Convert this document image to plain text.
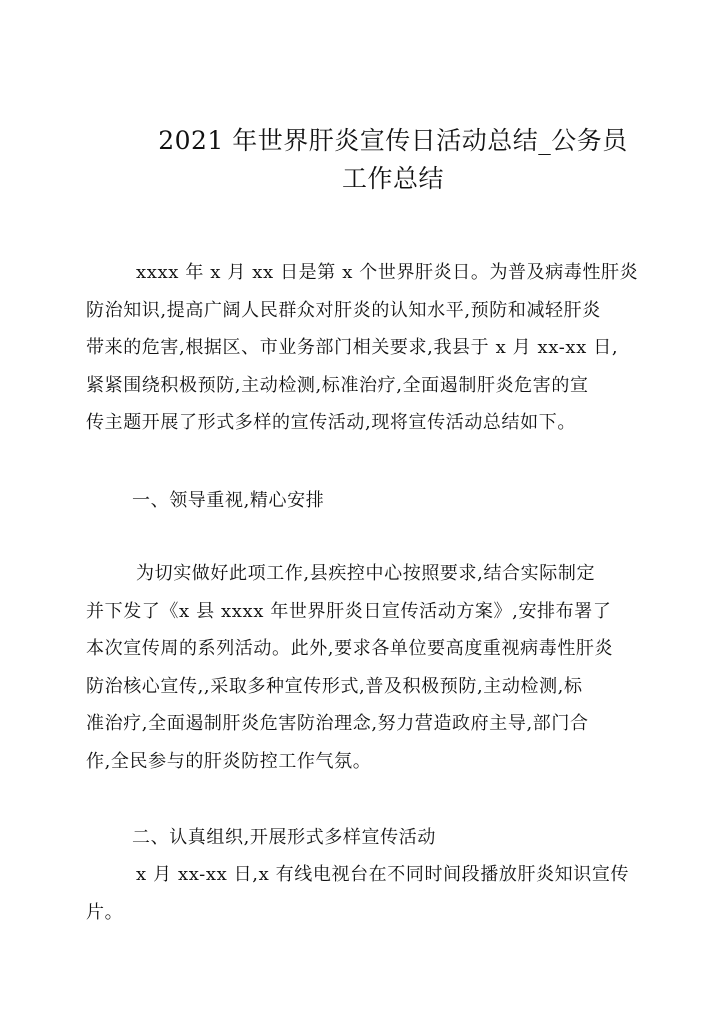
2021 年世界肝炎宣传日活动总结_公务员
工作总结
xxxx 年 x 月 xx 日是第 x 个世界肝炎日。为普及病毒性肝炎
防治知识,提高广阔人民群众对肝炎的认知水平,预防和减轻肝炎
带来的危害,根据区、市业务部门相关要求,我县于 x 月 xx-xx 日,
紧紧围绕积极预防,主动检测,标准治疗,全面遏制肝炎危害的宣
传主题开展了形式多样的宣传活动,现将宣传活动总结如下。
一、领导重视,精心安排
为切实做好此项工作,县疾控中心按照要求,结合实际制定
并下发了《x 县 xxxx 年世界肝炎日宣传活动方案》,安排布署了
本次宣传周的系列活动。此外,要求各单位要高度重视病毒性肝炎
防治核心宣传,,采取多种宣传形式,普及积极预防,主动检测,标
准治疗,全面遏制肝炎危害防治理念,努力营造政府主导,部门合
作,全民参与的肝炎防控工作气氛。
二、认真组织,开展形式多样宣传活动
x 月 xx-xx 日,x 有线电视台在不同时间段播放肝炎知识宣传
片。
